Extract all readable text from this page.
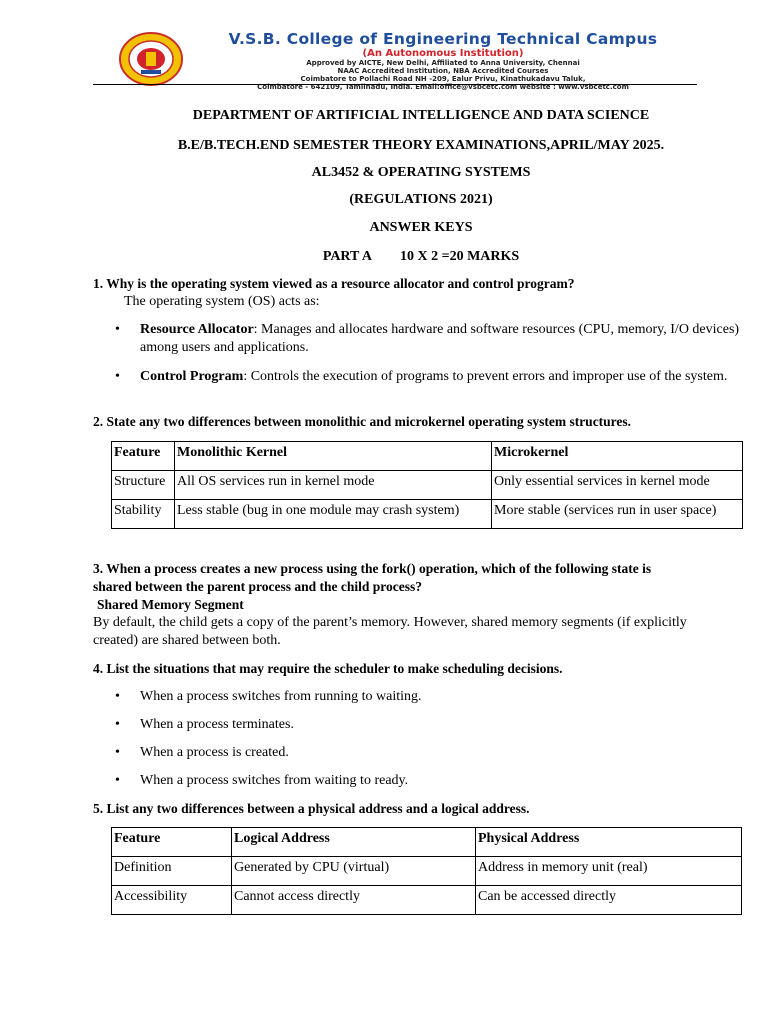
V.S.B. College of Engineering Technical Campus
(An Autonomous Institution)
Approved by AICTE, New Delhi, Affiliated to Anna University, Chennai
NAAC Accredited Institution, NBA Accredited Courses
Coimbatore to Pollachi Road NH -209, Ealur Privu, Kinathukadavu Taluk,
Coimbatore - 642109, Tamilnadu, India. Email:office@vsbcetc.com website : www.vsbcetc.com
DEPARTMENT OF ARTIFICIAL INTELLIGENCE AND DATA SCIENCE
B.E/B.TECH.END SEMESTER THEORY EXAMINATIONS,APRIL/MAY 2025.
AL3452 & OPERATING SYSTEMS
(REGULATIONS 2021)
ANSWER KEYS
PART A 10 X 2 =20 MARKS
1. Why is the operating system viewed as a resource allocator and control program?
The operating system (OS) acts as:
• Resource Allocator: Manages and allocates hardware and software resources (CPU, memory, I/O devices) among users and applications.
• Control Program: Controls the execution of programs to prevent errors and improper use of the system.
2. State any two differences between monolithic and microkernel operating system structures.
Feature	Monolithic Kernel	Microkernel
Structure	All OS services run in kernel mode	Only essential services in kernel mode
Stability	Less stable (bug in one module may crash system)	More stable (services run in user space)
3. When a process creates a new process using the fork() operation, which of the following state is
shared between the parent process and the child process?
Shared Memory Segment
By default, the child gets a copy of the parent’s memory. However, shared memory segments (if explicitly
created) are shared between both.
4. List the situations that may require the scheduler to make scheduling decisions.
• When a process switches from running to waiting.
• When a process terminates.
• When a process is created.
• When a process switches from waiting to ready.
5. List any two differences between a physical address and a logical address.
Feature	Logical Address	Physical Address
Definition	Generated by CPU (virtual)	Address in memory unit (real)
Accessibility	Cannot access directly	Can be accessed directly
